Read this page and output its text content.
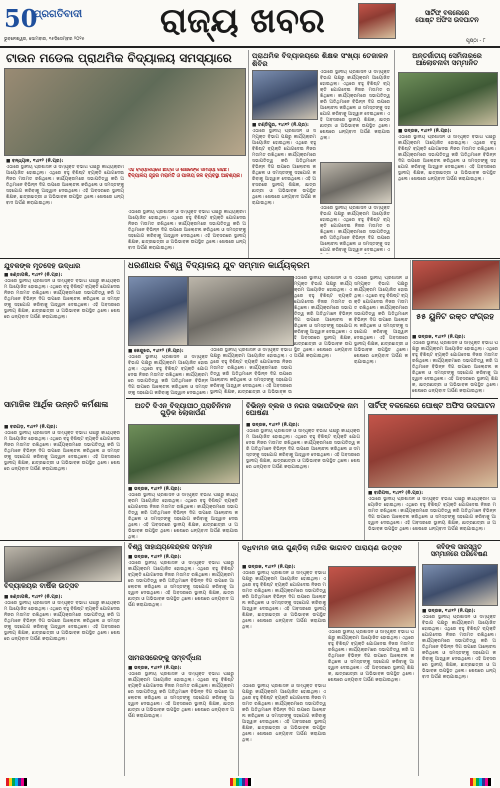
50
ପ୍ରଗତିବାଦୀ
ଭୁବନେଶ୍ୱର, ସୋମବାର, ୧୫ଡିସେମ୍ବର ୨୦୨୫ ରାଜ୍ୟ ଖବର	ସାର୍ଟିଫ୍ ବକଲେରେ
ପୋଷ୍ଟ ଅଫିସ ଉଦଘାଟନ
ପୃଷ୍ଠା - ୮
ଟାଉନ ମଡେଲ ପ୍ରାଥମିକ ବିଦ୍ୟାଳୟ ସମସ୍ୟାରେ
■ ବନ୍ଧ୍ୟାଳ, ୧୪ା୧୨ (ନି.ପ୍ର):
ଏଠାରେ ସ୍ଥାନୀୟ ପ୍ରଶାସନ ଓ ସମ୍ପୃକ୍ତ ବିଭାଗ ପକ୍ଷରୁ କାର୍ଯ୍ୟକ୍ରମ ଆୟୋଜିତ ହୋଇଥିଲା। ଏଥିରେ ବହୁ ବିଶିଷ୍ଟ ବ୍ୟକ୍ତି ଯୋଗଦେଇ ନିଜର ମତାମତ ରଖିଥିଲେ। କାର୍ଯ୍ୟକ୍ରମରେ ସଭାପତିତ୍ୱ କରି ଅତିଥିମାନେ ବିଭିନ୍ନ ଦିଗ ଉପରେ ଆଲୋଚନା କରିଥିଲେ ଓ ସମସ୍ତଙ୍କୁ ସହଯୋଗ କରିବାକୁ ଆହ୍ୱାନ ଦେଇଥିଲେ। ଏହି ଅବସରରେ ସ୍ଥାନୀୟ ଶିକ୍ଷକ, ଛାତ୍ରଛାତ୍ରୀ ଓ ଅଭିଭାବକ ଉପସ୍ଥିତ ଥିଲେ। ଶେଷରେ ଧନ୍ୟବାଦ ଅର୍ପଣ କରାଯାଇଥିଲା।
ଏହି ବିଦ୍ୟାଳୟରେ ଛାତ୍ର ଓ ଶିକ୍ଷକଙ୍କ ସମସ୍ୟା ରହିଛି। ବିଦ୍ୟାଳୟ ଗୃହର ମରାମତି ଓ ପାନୀୟ ଜଳ ବ୍ୟବସ୍ଥା ଆବଶ୍ୟକ।
ଏଠାରେ ସ୍ଥାନୀୟ ପ୍ରଶାସନ ଓ ସମ୍ପୃକ୍ତ ବିଭାଗ ପକ୍ଷରୁ କାର୍ଯ୍ୟକ୍ରମ ଆୟୋଜିତ ହୋଇଥିଲା। ଏଥିରେ ବହୁ ବିଶିଷ୍ଟ ବ୍ୟକ୍ତି ଯୋଗଦେଇ ନିଜର ମତାମତ ରଖିଥିଲେ। କାର୍ଯ୍ୟକ୍ରମରେ ସଭାପତିତ୍ୱ କରି ଅତିଥିମାନେ ବିଭିନ୍ନ ଦିଗ ଉପରେ ଆଲୋଚନା କରିଥିଲେ ଓ ସମସ୍ତଙ୍କୁ ସହଯୋଗ କରିବାକୁ ଆହ୍ୱାନ ଦେଇଥିଲେ। ଏହି ଅବସରରେ ସ୍ଥାନୀୟ ଶିକ୍ଷକ, ଛାତ୍ରଛାତ୍ରୀ ଓ ଅଭିଭାବକ ଉପସ୍ଥିତ ଥିଲେ। ଶେଷରେ ଧନ୍ୟବାଦ ଅର୍ପଣ କରାଯାଇଥିଲା।
ପ୍ରାଥମିକ ବିଦ୍ୟାଳୟରେ ଶିକ୍ଷକ ସଂଖ୍ୟା ତେଜାଳନ ଶିବିର
ଏଠାରେ ସ୍ଥାନୀୟ ପ୍ରଶାସନ ଓ ସମ୍ପୃକ୍ତ ବିଭାଗ ପକ୍ଷରୁ କାର୍ଯ୍ୟକ୍ରମ ଆୟୋଜିତ ହୋଇଥିଲା। ଏଥିରେ ବହୁ ବିଶିଷ୍ଟ ବ୍ୟକ୍ତି ଯୋଗଦେଇ ନିଜର ମତାମତ ରଖିଥିଲେ। କାର୍ଯ୍ୟକ୍ରମରେ ସଭାପତିତ୍ୱ କରି ଅତିଥିମାନେ ବିଭିନ୍ନ ଦିଗ ଉପରେ ଆଲୋଚନା କରିଥିଲେ ଓ ସମସ୍ତଙ୍କୁ ସହଯୋଗ କରିବାକୁ ଆହ୍ୱାନ ଦେଇଥିଲେ। ଏହି ଅବସରରେ ସ୍ଥାନୀୟ ଶିକ୍ଷକ, ଛାତ୍ରଛାତ୍ରୀ ଓ ଅଭିଭାବକ ଉପସ୍ଥିତ ଥିଲେ। ଶେଷରେ ଧନ୍ୟବାଦ ଅର୍ପଣ କରାଯାଇଥିଲା।
■ ଚଣ୍ଡିପୁର, ୧୪ା୧୨ (ନି.ପ୍ର):
ଏଠାରେ ସ୍ଥାନୀୟ ପ୍ରଶାସନ ଓ ସମ୍ପୃକ୍ତ ବିଭାଗ ପକ୍ଷରୁ କାର୍ଯ୍ୟକ୍ରମ ଆୟୋଜିତ ହୋଇଥିଲା। ଏଥିରେ ବହୁ ବିଶିଷ୍ଟ ବ୍ୟକ୍ତି ଯୋଗଦେଇ ନିଜର ମତାମତ ରଖିଥିଲେ। କାର୍ଯ୍ୟକ୍ରମରେ ସଭାପତିତ୍ୱ କରି ଅତିଥିମାନେ ବିଭିନ୍ନ ଦିଗ ଉପରେ ଆଲୋଚନା କରିଥିଲେ ଓ ସମସ୍ତଙ୍କୁ ସହଯୋଗ କରିବାକୁ ଆହ୍ୱାନ ଦେଇଥିଲେ। ଏହି ଅବସରରେ ସ୍ଥାନୀୟ ଶିକ୍ଷକ, ଛାତ୍ରଛାତ୍ରୀ ଓ ଅଭିଭାବକ ଉପସ୍ଥିତ ଥିଲେ। ଶେଷରେ ଧନ୍ୟବାଦ ଅର୍ପଣ କରାଯାଇଥିଲା।
ଏଠାରେ ସ୍ଥାନୀୟ ପ୍ରଶାସନ ଓ ସମ୍ପୃକ୍ତ ବିଭାଗ ପକ୍ଷରୁ କାର୍ଯ୍ୟକ୍ରମ ଆୟୋଜିତ ହୋଇଥିଲା। ଏଥିରେ ବହୁ ବିଶିଷ୍ଟ ବ୍ୟକ୍ତି ଯୋଗଦେଇ ନିଜର ମତାମତ ରଖିଥିଲେ। କାର୍ଯ୍ୟକ୍ରମରେ ସଭାପତିତ୍ୱ କରି ଅତିଥିମାନେ ବିଭିନ୍ନ ଦିଗ ଉପରେ ଆଲୋଚନା କରିଥିଲେ ଓ ସମସ୍ତଙ୍କୁ ସହଯୋଗ କରିବାକୁ ଆହ୍ୱାନ ଦେଇଥିଲେ। ଏ
ଅନ୍ତର୍ଜାତୀୟ ସେମିନାରରେ ଆଲୋଚନାବୀ ସମ୍ମାନିତ
■ ଭଦ୍ରକ, ୧୪ା୧୨ (ନି.ପ୍ର):
ଏଠାରେ ସ୍ଥାନୀୟ ପ୍ରଶାସନ ଓ ସମ୍ପୃକ୍ତ ବିଭାଗ ପକ୍ଷରୁ କାର୍ଯ୍ୟକ୍ରମ ଆୟୋଜିତ ହୋଇଥିଲା। ଏଥିରେ ବହୁ ବିଶିଷ୍ଟ ବ୍ୟକ୍ତି ଯୋଗଦେଇ ନିଜର ମତାମତ ରଖିଥିଲେ। କାର୍ଯ୍ୟକ୍ରମରେ ସଭାପତିତ୍ୱ କରି ଅତିଥିମାନେ ବିଭିନ୍ନ ଦିଗ ଉପରେ ଆଲୋଚନା କରିଥିଲେ ଓ ସମସ୍ତଙ୍କୁ ସହଯୋଗ କରିବାକୁ ଆହ୍ୱାନ ଦେଇଥିଲେ। ଏହି ଅବସରରେ ସ୍ଥାନୀୟ ଶିକ୍ଷକ, ଛାତ୍ରଛାତ୍ରୀ ଓ ଅଭିଭାବକ ଉପସ୍ଥିତ ଥିଲେ। ଶେଷରେ ଧନ୍ୟବାଦ ଅର୍ପଣ କରାଯାଇଥିଲା।
ଯୁବକଙ୍କ ମୃତଦେହ ଉଦ୍ଧାର
■ ଝଣ୍ଡାପଲି, ୧୪ା୧୨ (ନି.ପ୍ର):
ଏଠାରେ ସ୍ଥାନୀୟ ପ୍ରଶାସନ ଓ ସମ୍ପୃକ୍ତ ବିଭାଗ ପକ୍ଷରୁ କାର୍ଯ୍ୟକ୍ରମ ଆୟୋଜିତ ହୋଇଥିଲା। ଏଥିରେ ବହୁ ବିଶିଷ୍ଟ ବ୍ୟକ୍ତି ଯୋଗଦେଇ ନିଜର ମତାମତ ରଖିଥିଲେ। କାର୍ଯ୍ୟକ୍ରମରେ ସଭାପତିତ୍ୱ କରି ଅତିଥିମାନେ ବିଭିନ୍ନ ଦିଗ ଉପରେ ଆଲୋଚନା କରିଥିଲେ ଓ ସମସ୍ତଙ୍କୁ ସହଯୋଗ କରିବାକୁ ଆହ୍ୱାନ ଦେଇଥିଲେ। ଏହି ଅବସରରେ ସ୍ଥାନୀୟ ଶିକ୍ଷକ, ଛାତ୍ରଛାତ୍ରୀ ଓ ଅଭିଭାବକ ଉପସ୍ଥିତ ଥିଲେ। ଶେଷରେ ଧନ୍ୟବାଦ ଅର୍ପଣ କରାଯାଇଥିଲା।
ଧରଣୀଧର ବିଶ୍ୱ ବିଦ୍ୟାଳୟ ଯୁବ ସମ୍ମାନ କାର୍ଯ୍ୟକ୍ରମ
ଏଠାରେ ସ୍ଥାନୀୟ ପ୍ରଶାସନ ଓ ସମ୍ପୃକ୍ତ ବିଭାଗ ପକ୍ଷରୁ କାର୍ଯ୍ୟକ୍ରମ ଆୟୋଜିତ ହୋଇଥିଲା। ଏଥିରେ ବହୁ ବିଶିଷ୍ଟ ବ୍ୟକ୍ତି ଯୋଗଦେଇ ନିଜର ମତାମତ ରଖିଥିଲେ। କାର୍ଯ୍ୟକ୍ରମରେ ସଭାପତିତ୍ୱ କରି ଅତିଥିମାନେ ବିଭିନ୍ନ ଦିଗ ଉପରେ ଆଲୋଚନା କରିଥିଲେ ଓ ସମସ୍ତଙ୍କୁ ସହଯୋଗ କରିବାକୁ ଆହ୍ୱାନ ଦେଇଥିଲେ। ଏହି ଅବସରରେ ସ୍ଥାନୀୟ ଶିକ୍ଷକ, ଛାତ୍ରଛାତ୍ରୀ ଓ ଅଭିଭାବକ ଉପସ୍ଥିତ ଥିଲେ। ଶେଷରେ ଧନ୍ୟବାଦ ଅର୍ପଣ କରାଯାଇଥିଲା।
ଏଠାରେ ସ୍ଥାନୀୟ ପ୍ରଶାସନ ଓ ସମ୍ପୃକ୍ତ ବିଭାଗ ପକ୍ଷରୁ କାର୍ଯ୍ୟକ୍ରମ ଆୟୋଜିତ ହୋଇଥିଲା। ଏଥିରେ ବହୁ ବିଶିଷ୍ଟ ବ୍ୟକ୍ତି ଯୋଗଦେଇ ନିଜର ମତାମତ ରଖିଥିଲେ। କାର୍ଯ୍ୟକ୍ରମରେ ସଭାପତିତ୍ୱ କରି ଅତିଥିମାନେ ବିଭିନ୍ନ ଦିଗ ଉପରେ ଆଲୋଚନା କରିଥିଲେ ଓ ସମସ୍ତଙ୍କୁ ସହଯୋଗ କରିବାକୁ ଆହ୍ୱାନ ଦେଇଥିଲେ। ଏହି ଅବସରରେ ସ୍ଥାନୀୟ ଶିକ୍ଷକ, ଛାତ୍ରଛାତ୍ରୀ ଓ ଅଭିଭାବକ ଉପସ୍ଥିତ ଥିଲେ। ଶେଷରେ ଧନ୍ୟବାଦ ଅର୍ପଣ କରାଯାଇଥିଲା।
■ କେନ୍ଦୁଝର, ୧୪ା୧୨ (ନି.ପ୍ର):
ଏଠାରେ ସ୍ଥାନୀୟ ପ୍ରଶାସନ ଓ ସମ୍ପୃକ୍ତ ବିଭାଗ ପକ୍ଷରୁ କାର୍ଯ୍ୟକ୍ରମ ଆୟୋଜିତ ହୋଇଥିଲା। ଏଥିରେ ବହୁ ବିଶିଷ୍ଟ ବ୍ୟକ୍ତି ଯୋଗଦେଇ ନିଜର ମତାମତ ରଖିଥିଲେ। କାର୍ଯ୍ୟକ୍ରମରେ ସଭାପତିତ୍ୱ କରି ଅତିଥିମାନେ ବିଭିନ୍ନ ଦିଗ ଉପରେ ଆଲୋଚନା କରିଥିଲେ ଓ ସମସ୍ତଙ୍କୁ ସହଯୋଗ କରିବାକୁ ଆହ୍ୱାନ ଦେଇଥିଲେ।
ଏଠାରେ ସ୍ଥାନୀୟ ପ୍ରଶାସନ ଓ ସମ୍ପୃକ୍ତ ବିଭାଗ ପକ୍ଷରୁ କାର୍ଯ୍ୟକ୍ରମ ଆୟୋଜିତ ହୋଇଥିଲା। ଏଥିରେ ବହୁ ବିଶିଷ୍ଟ ବ୍ୟକ୍ତି ଯୋଗଦେଇ ନିଜର ମତାମତ ରଖିଥିଲେ। କାର୍ଯ୍ୟକ୍ରମରେ ସଭାପତିତ୍ୱ କରି ଅତିଥିମାନେ ବିଭିନ୍ନ ଦିଗ ଉପରେ ଆଲୋଚନା କରିଥିଲେ ଓ ସମସ୍ତଙ୍କୁ ସହଯୋଗ କରିବାକୁ ଆହ୍ୱାନ ଦେଇଥିଲେ। ଏହି ଅବସରରେ ସ୍ଥାନୀୟ ଶିକ୍ଷକ, ଛାତ୍ରଛାତ୍ରୀ ଓ ଅଭିଭାବକ ଉ
୫୫ ୟୁନିଟ ରକ୍ତ ସଂଗ୍ରହ
■ ଭଦ୍ରକ, ୧୪ା୧୨ (ନି.ପ୍ର):
ଏଠାରେ ସ୍ଥାନୀୟ ପ୍ରଶାସନ ଓ ସମ୍ପୃକ୍ତ ବିଭାଗ ପକ୍ଷରୁ କାର୍ଯ୍ୟକ୍ରମ ଆୟୋଜିତ ହୋଇଥିଲା। ଏଥିରେ ବହୁ ବିଶିଷ୍ଟ ବ୍ୟକ୍ତି ଯୋଗଦେଇ ନିଜର ମତାମତ ରଖିଥିଲେ। କାର୍ଯ୍ୟକ୍ରମରେ ସଭାପତିତ୍ୱ କରି ଅତିଥିମାନେ ବିଭିନ୍ନ ଦିଗ ଉପରେ ଆଲୋଚନା କରିଥିଲେ ଓ ସମସ୍ତଙ୍କୁ ସହଯୋଗ କରିବାକୁ ଆହ୍ୱାନ ଦେଇଥିଲେ। ଏହି ଅବସରରେ ସ୍ଥାନୀୟ ଶିକ୍ଷକ, ଛାତ୍ରଛାତ୍ରୀ ଓ ଅଭିଭାବକ ଉପସ୍ଥିତ ଥିଲେ। ଶେଷରେ ଧନ୍ୟବାଦ ଅର୍ପଣ କରାଯାଇଥିଲା।
ସାମାଜିକ ଆର୍ଥିକ ଉନ୍ନତି କର୍ମଶାଳା
■ ବରଗଡ଼, ୧୪ା୧୨ (ନି.ପ୍ର):
ଏଠାରେ ସ୍ଥାନୀୟ ପ୍ରଶାସନ ଓ ସମ୍ପୃକ୍ତ ବିଭାଗ ପକ୍ଷରୁ କାର୍ଯ୍ୟକ୍ରମ ଆୟୋଜିତ ହୋଇଥିଲା। ଏଥିରେ ବହୁ ବିଶିଷ୍ଟ ବ୍ୟକ୍ତି ଯୋଗଦେଇ ନିଜର ମତାମତ ରଖିଥିଲେ। କାର୍ଯ୍ୟକ୍ରମରେ ସଭାପତିତ୍ୱ କରି ଅତିଥିମାନେ ବିଭିନ୍ନ ଦିଗ ଉପରେ ଆଲୋଚନା କରିଥିଲେ ଓ ସମସ୍ତଙ୍କୁ ସହଯୋଗ କରିବାକୁ ଆହ୍ୱାନ ଦେଇଥିଲେ। ଏହି ଅବସରରେ ସ୍ଥାନୀୟ ଶିକ୍ଷକ, ଛାତ୍ରଛାତ୍ରୀ ଓ ଅଭିଭାବକ ଉପସ୍ଥିତ ଥିଲେ। ଶେଷରେ ଧନ୍ୟବାଦ ଅର୍ପଣ କରାଯାଇଥିଲା।
ଅତଟି ଦିଏନ ବିଦ୍ୟାପୀଠ ପ୍ରାଚିନିମନ ଗୁଡ଼ିକ ଲୋକାର୍ପଣ
■ ଭଦ୍ରକ, ୧୪ା୧୨ (ନି.ପ୍ର):
ଏଠାରେ ସ୍ଥାନୀୟ ପ୍ରଶାସନ ଓ ସମ୍ପୃକ୍ତ ବିଭାଗ ପକ୍ଷରୁ କାର୍ଯ୍ୟକ୍ରମ ଆୟୋଜିତ ହୋଇଥିଲା। ଏଥିରେ ବହୁ ବିଶିଷ୍ଟ ବ୍ୟକ୍ତି ଯୋଗଦେଇ ନିଜର ମତାମତ ରଖିଥିଲେ। କାର୍ଯ୍ୟକ୍ରମରେ ସଭାପତିତ୍ୱ କରି ଅତିଥିମାନେ ବିଭିନ୍ନ ଦିଗ ଉପରେ ଆଲୋଚନା କରିଥିଲେ ଓ ସମସ୍ତଙ୍କୁ ସହଯୋଗ କରିବାକୁ ଆହ୍ୱାନ ଦେଇଥିଲେ। ଏହି ଅବସରରେ ସ୍ଥାନୀୟ ଶିକ୍ଷକ, ଛାତ୍ରଛାତ୍ରୀ ଓ ଅଭିଭାବକ ଉପସ୍ଥିତ ଥିଲେ। ଶେଷରେ ଧନ୍ୟବାଦ ଅର୍ପଣ କରାଯାଇଥିଲା।
ବିଭିନ୍ନ ବ୍ଲକ ଓ ନଗର ସଭାପତିଙ୍କ ନାମ ଘୋଷଣା
■ ଭଦ୍ରକ, ୧୪ା୧୨ (ନି.ପ୍ର):
ଏଠାରେ ସ୍ଥାନୀୟ ପ୍ରଶାସନ ଓ ସମ୍ପୃକ୍ତ ବିଭାଗ ପକ୍ଷରୁ କାର୍ଯ୍ୟକ୍ରମ ଆୟୋଜିତ ହୋଇଥିଲା। ଏଥିରେ ବହୁ ବିଶିଷ୍ଟ ବ୍ୟକ୍ତି ଯୋଗଦେଇ ନିଜର ମତାମତ ରଖିଥିଲେ। କାର୍ଯ୍ୟକ୍ରମରେ ସଭାପତିତ୍ୱ କରି ଅତିଥିମାନେ ବିଭିନ୍ନ ଦିଗ ଉପରେ ଆଲୋଚନା କରିଥିଲେ ଓ ସମସ୍ତଙ୍କୁ ସହଯୋଗ କରିବାକୁ ଆହ୍ୱାନ ଦେଇଥିଲେ। ଏହି ଅବସରରେ ସ୍ଥାନୀୟ ଶିକ୍ଷକ, ଛାତ୍ରଛାତ୍ରୀ ଓ ଅଭିଭାବକ ଉପସ୍ଥିତ ଥିଲେ। ଶେଷରେ ଧନ୍ୟବାଦ ଅର୍ପଣ କରାଯାଇଥିଲା।
ସାର୍ଟିଫ୍ ବକଲେରେ ପୋଷ୍ଟ ଅଫିସ ଉଦଘାଟନ
■ ବାରିପଦା, ୧୪ା୧୨ (ନି.ପ୍ର):
ଏଠାରେ ସ୍ଥାନୀୟ ପ୍ରଶାସନ ଓ ସମ୍ପୃକ୍ତ ବିଭାଗ ପକ୍ଷରୁ କାର୍ଯ୍ୟକ୍ରମ ଆୟୋଜିତ ହୋଇଥିଲା। ଏଥିରେ ବହୁ ବିଶିଷ୍ଟ ବ୍ୟକ୍ତି ଯୋଗଦେଇ ନିଜର ମତାମତ ରଖିଥିଲେ। କାର୍ଯ୍ୟକ୍ରମରେ ସଭାପତିତ୍ୱ କରି ଅତିଥିମାନେ ବିଭିନ୍ନ ଦିଗ ଉପରେ ଆଲୋଚନା କରିଥିଲେ ଓ ସମସ୍ତଙ୍କୁ ସହଯୋଗ କରିବାକୁ ଆହ୍ୱାନ ଦେଇଥିଲେ। ଏହି ଅବସରରେ ସ୍ଥାନୀୟ ଶିକ୍ଷକ, ଛାତ୍ରଛାତ୍ରୀ ଓ ଅଭିଭାବକ ଉପସ୍ଥିତ ଥିଲେ। ଶେଷରେ ଧନ୍ୟବାଦ ଅର୍ପଣ କରାଯାଇଥିଲା।
ବିଦ୍ୟାଳୟର ବାର୍ଷିକ ଉତ୍ସବ
■ ଝଣ୍ଡାପଲି, ୧୪ା୧୨ (ନି.ପ୍ର):
ଏଠାରେ ସ୍ଥାନୀୟ ପ୍ରଶାସନ ଓ ସମ୍ପୃକ୍ତ ବିଭାଗ ପକ୍ଷରୁ କାର୍ଯ୍ୟକ୍ରମ ଆୟୋଜିତ ହୋଇଥିଲା। ଏଥିରେ ବହୁ ବିଶିଷ୍ଟ ବ୍ୟକ୍ତି ଯୋଗଦେଇ ନିଜର ମତାମତ ରଖିଥିଲେ। କାର୍ଯ୍ୟକ୍ରମରେ ସଭାପତିତ୍ୱ କରି ଅତିଥିମାନେ ବିଭିନ୍ନ ଦିଗ ଉପରେ ଆଲୋଚନା କରିଥିଲେ ଓ ସମସ୍ତଙ୍କୁ ସହଯୋଗ କରିବାକୁ ଆହ୍ୱାନ ଦେଇଥିଲେ। ଏହି ଅବସରରେ ସ୍ଥାନୀୟ ଶିକ୍ଷକ, ଛାତ୍ରଛାତ୍ରୀ ଓ ଅଭିଭାବକ ଉପସ୍ଥିତ ଥିଲେ। ଶେଷରେ ଧନ୍ୟବାଦ ଅର୍ପଣ କରାଯାଇଥିଲା।
ବିଶ୍ୱ ସାହାଯ୍ୟକେନ୍ଦ୍ରକ ସମ୍ମାନ
■ ଭଦ୍ରକ, ୧୪ା୧୨ (ନି.ପ୍ର):
ଏଠାରେ ସ୍ଥାନୀୟ ପ୍ରଶାସନ ଓ ସମ୍ପୃକ୍ତ ବିଭାଗ ପକ୍ଷରୁ କାର୍ଯ୍ୟକ୍ରମ ଆୟୋଜିତ ହୋଇଥିଲା। ଏଥିରେ ବହୁ ବିଶିଷ୍ଟ ବ୍ୟକ୍ତି ଯୋଗଦେଇ ନିଜର ମତାମତ ରଖିଥିଲେ। କାର୍ଯ୍ୟକ୍ରମରେ ସଭାପତିତ୍ୱ କରି ଅତିଥିମାନେ ବିଭିନ୍ନ ଦିଗ ଉପରେ ଆଲୋଚନା କରିଥିଲେ ଓ ସମସ୍ତଙ୍କୁ ସହଯୋଗ କରିବାକୁ ଆହ୍ୱାନ ଦେଇଥିଲେ। ଏହି ଅବସରରେ ସ୍ଥାନୀୟ ଶିକ୍ଷକ, ଛାତ୍ରଛାତ୍ରୀ ଓ ଅଭିଭାବକ ଉପସ୍ଥିତ ଥିଲେ। ଶେଷରେ ଧନ୍ୟବାଦ ଅର୍ପଣ କରାଯାଇଥିଲା।
ସାମରସରେଙ୍କୁ ସମ୍ବର୍ଦ୍ଧନା
■ ଭଦ୍ରକ, ୧୪ା୧୨ (ନି.ପ୍ର):
ଏଠାରେ ସ୍ଥାନୀୟ ପ୍ରଶାସନ ଓ ସମ୍ପୃକ୍ତ ବିଭାଗ ପକ୍ଷରୁ କାର୍ଯ୍ୟକ୍ରମ ଆୟୋଜିତ ହୋଇଥିଲା। ଏଥିରେ ବହୁ ବିଶିଷ୍ଟ ବ୍ୟକ୍ତି ଯୋଗଦେଇ ନିଜର ମତାମତ ରଖିଥିଲେ। କାର୍ଯ୍ୟକ୍ରମରେ ସଭାପତିତ୍ୱ କରି ଅତିଥିମାନେ ବିଭିନ୍ନ ଦିଗ ଉପରେ ଆଲୋଚନା କରିଥିଲେ ଓ ସମସ୍ତଙ୍କୁ ସହଯୋଗ କରିବାକୁ ଆହ୍ୱାନ ଦେଇଥିଲେ। ଏହି ଅବସରରେ ସ୍ଥାନୀୟ ଶିକ୍ଷକ, ଛାତ୍ରଛାତ୍ରୀ ଓ ଅଭିଭାବକ ଉପସ୍ଥିତ ଥିଲେ। ଶେଷରେ ଧନ୍ୟବାଦ ଅର୍ପଣ କରାଯାଇଥିଲା।
ଦଧିବାମନ ଜୀଉ ଗୁଣ୍ଡିଚା ମନ୍ଦିର ଭାଗବତ ପାରାୟଣ ଉତ୍ସବ
■ ଭଦ୍ରକ, ୧୪ା୧୨ (ନି.ପ୍ର):
ଏଠାରେ ସ୍ଥାନୀୟ ପ୍ରଶାସନ ଓ ସମ୍ପୃକ୍ତ ବିଭାଗ ପକ୍ଷରୁ କାର୍ଯ୍ୟକ୍ରମ ଆୟୋଜିତ ହୋଇଥିଲା। ଏଥିରେ ବହୁ ବିଶିଷ୍ଟ ବ୍ୟକ୍ତି ଯୋଗଦେଇ ନିଜର ମତାମତ ରଖିଥିଲେ। କାର୍ଯ୍ୟକ୍ରମରେ ସଭାପତିତ୍ୱ କରି ଅତିଥିମାନେ ବିଭିନ୍ନ ଦିଗ ଉପରେ ଆଲୋଚନା କରିଥିଲେ ଓ ସମସ୍ତଙ୍କୁ ସହଯୋଗ କରିବାକୁ ଆହ୍ୱାନ ଦେଇଥିଲେ। ଏହି ଅବସରରେ ସ୍ଥାନୀୟ ଶିକ୍ଷକ, ଛାତ୍ରଛାତ୍ରୀ ଓ ଅଭିଭାବକ ଉପସ୍ଥିତ ଥିଲେ। ଶେଷରେ ଧନ୍ୟବାଦ ଅର୍ପଣ କରାଯାଇଥିଲା।
ଏଠାରେ ସ୍ଥାନୀୟ ପ୍ରଶାସନ ଓ ସମ୍ପୃକ୍ତ ବିଭାଗ ପକ୍ଷରୁ କାର୍ଯ୍ୟକ୍ରମ ଆୟୋଜିତ ହୋଇଥିଲା। ଏଥିରେ ବହୁ ବିଶିଷ୍ଟ ବ୍ୟକ୍ତି ଯୋଗଦେଇ ନିଜର ମତାମତ ରଖିଥିଲେ। କାର୍ଯ୍ୟକ୍ରମରେ ସଭାପତିତ୍ୱ କରି ଅତିଥିମାନେ ବିଭିନ୍ନ ଦିଗ ଉପରେ ଆଲୋଚନା କରିଥିଲେ ଓ ସମସ୍ତଙ୍କୁ ସହଯୋଗ କରିବାକୁ ଆହ୍ୱାନ ଦେଇଥିଲେ। ଏହି ଅବସରରେ ସ୍ଥାନୀୟ ଶିକ୍ଷକ, ଛାତ୍ରଛାତ୍ରୀ ଓ ଅଭିଭାବକ ଉପସ୍ଥିତ ଥିଲେ। ଶେଷରେ ଧନ୍ୟବାଦ ଅର୍ପଣ କରାଯାଇଥିଲା।
ଏଠାରେ ସ୍ଥାନୀୟ ପ୍ରଶାସନ ଓ ସମ୍ପୃକ୍ତ ବିଭାଗ ପକ୍ଷରୁ କାର୍ଯ୍ୟକ୍ରମ ଆୟୋଜିତ ହୋଇଥିଲା। ଏଥିରେ ବହୁ ବିଶିଷ୍ଟ ବ୍ୟକ୍ତି ଯୋଗଦେଇ ନିଜର ମତାମତ ରଖିଥିଲେ। କାର୍ଯ୍ୟକ୍ରମରେ ସଭାପତିତ୍ୱ କରି ଅତିଥିମାନେ ବିଭିନ୍ନ ଦିଗ ଉପରେ ଆଲୋଚନା କରିଥିଲେ ଓ ସମସ୍ତଙ୍କୁ ସହଯୋଗ କରିବାକୁ ଆହ୍ୱାନ ଦେଇଥିଲେ। ଏହି ଅବସରରେ ସ୍ଥାନୀୟ ଶିକ୍ଷକ, ଛାତ୍ରଛାତ୍ରୀ ଓ ଅଭିଭାବକ ଉପସ୍ଥିତ ଥିଲେ। ଶେଷରେ ଧନ୍ୟବାଦ ଅର୍ପଣ କରାଯାଇଥିଲା।
କବିଙ୍କ ସାରସ୍ୱତ ସମ୍ମାନରେ ପରିବେଷଣ
■ ଭଦ୍ରକ, ୧୪ା୧୨ (ନି.ପ୍ର):
ଏଠାରେ ସ୍ଥାନୀୟ ପ୍ରଶାସନ ଓ ସମ୍ପୃକ୍ତ ବିଭାଗ ପକ୍ଷରୁ କାର୍ଯ୍ୟକ୍ରମ ଆୟୋଜିତ ହୋଇଥିଲା। ଏଥିରେ ବହୁ ବିଶିଷ୍ଟ ବ୍ୟକ୍ତି ଯୋଗଦେଇ ନିଜର ମତାମତ ରଖିଥିଲେ। କାର୍ଯ୍ୟକ୍ରମରେ ସଭାପତିତ୍ୱ କରି ଅତିଥିମାନେ ବିଭିନ୍ନ ଦିଗ ଉପରେ ଆଲୋଚନା କରିଥିଲେ ଓ ସମସ୍ତଙ୍କୁ ସହଯୋଗ କରିବାକୁ ଆହ୍ୱାନ ଦେଇଥିଲେ। ଏହି ଅବସରରେ ସ୍ଥାନୀୟ ଶିକ୍ଷକ, ଛାତ୍ରଛାତ୍ରୀ ଓ ଅଭିଭାବକ ଉପସ୍ଥିତ ଥିଲେ। ଶେଷରେ ଧନ୍ୟବାଦ ଅର୍ପଣ କରାଯାଇଥିଲା।
